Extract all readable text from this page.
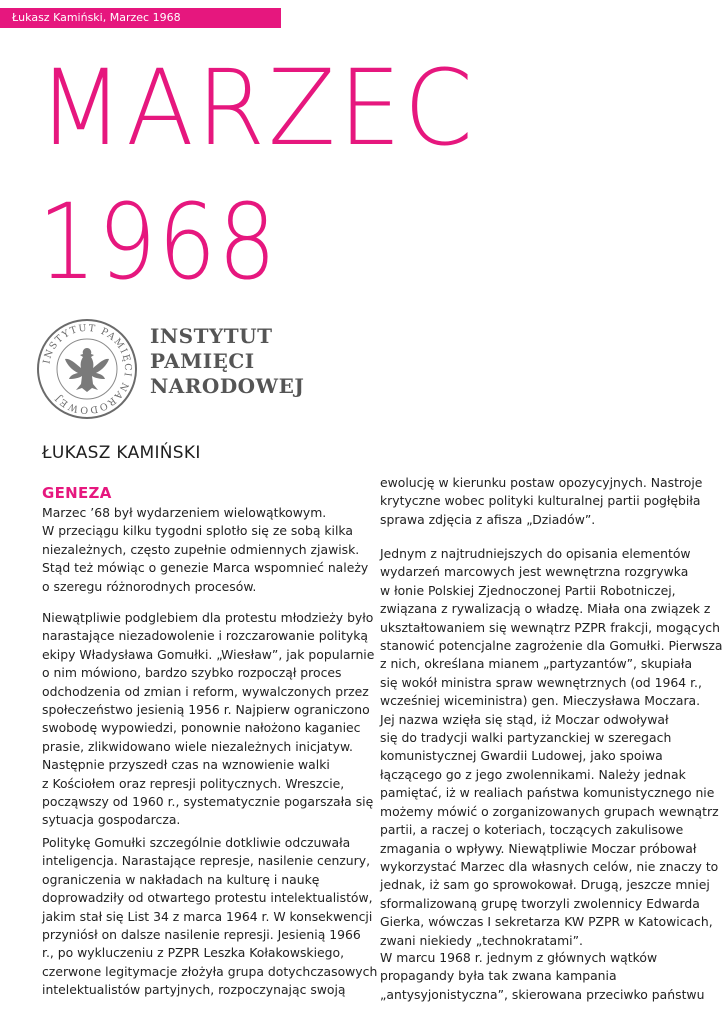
Łukasz Kamiński, Marzec 1968
MARZEC
1968
INSTYTUT PAMIĘCI NARODOWEJ
INSTYTUT
PAMIĘCI
NARODOWEJ
ŁUKASZ KAMIŃSKI
GENEZA
Marzec ’68 był wydarzeniem wielowątkowym.
W przeciągu kilku tygodni splotło się ze sobą kilka
niezależnych, często zupełnie odmiennych zjawisk.
Stąd też mówiąc o genezie Marca wspomnieć należy
o szeregu różnorodnych procesów.
Niewątpliwie podglebiem dla protestu młodzieży było
narastające niezadowolenie i rozczarowanie polityką
ekipy Władysława Gomułki. „Wiesław”, jak popularnie
o nim mówiono, bardzo szybko rozpoczął proces
odchodzenia od zmian i reform, wywalczonych przez
społeczeństwo jesienią 1956 r. Najpierw ograniczono
swobodę wypowiedzi, ponownie nałożono kaganiec
prasie, zlikwidowano wiele niezależnych inicjatyw.
Następnie przyszedł czas na wznowienie walki
z Kościołem oraz represji politycznych. Wreszcie,
począwszy od 1960 r., systematycznie pogarszała się
sytuacja gospodarcza.
Politykę Gomułki szczególnie dotkliwie odczuwała
inteligencja. Narastające represje, nasilenie cenzury,
ograniczenia w nakładach na kulturę i naukę
doprowadziły od otwartego protestu intelektualistów,
jakim stał się List 34 z marca 1964 r. W konsekwencji
przyniósł on dalsze nasilenie represji. Jesienią 1966
r., po wykluczeniu z PZPR Leszka Kołakowskiego,
czerwone legitymacje złożyła grupa dotychczasowych
intelektualistów partyjnych, rozpoczynając swoją
ewolucję w kierunku postaw opozycyjnych. Nastroje
krytyczne wobec polityki kulturalnej partii pogłębiła
sprawa zdjęcia z afisza „Dziadów”.
Jednym z najtrudniejszych do opisania elementów
wydarzeń marcowych jest wewnętrzna rozgrywka
w łonie Polskiej Zjednoczonej Partii Robotniczej,
związana z rywalizacją o władzę. Miała ona związek z
ukształtowaniem się wewnątrz PZPR frakcji, mogących
stanowić potencjalne zagrożenie dla Gomułki. Pierwsza
z nich, określana mianem „partyzantów”, skupiała
się wokół ministra spraw wewnętrznych (od 1964 r.,
wcześniej wiceministra) gen. Mieczysława Moczara.
Jej nazwa wzięła się stąd, iż Moczar odwoływał
się do tradycji walki partyzanckiej w szeregach
komunistycznej Gwardii Ludowej, jako spoiwa
łączącego go z jego zwolennikami. Należy jednak
pamiętać, iż w realiach państwa komunistycznego nie
możemy mówić o zorganizowanych grupach wewnątrz
partii, a raczej o koteriach, toczących zakulisowe
zmagania o wpływy. Niewątpliwie Moczar próbował
wykorzystać Marzec dla własnych celów, nie znaczy to
jednak, iż sam go sprowokował. Drugą, jeszcze mniej
sformalizowaną grupę tworzyli zwolennicy Edwarda
Gierka, wówczas I sekretarza KW PZPR w Katowicach,
zwani niekiedy „technokratami”.
W marcu 1968 r. jednym z głównych wątków
propagandy była tak zwana kampania
„antysyjonistyczna”, skierowana przeciwko państwu
